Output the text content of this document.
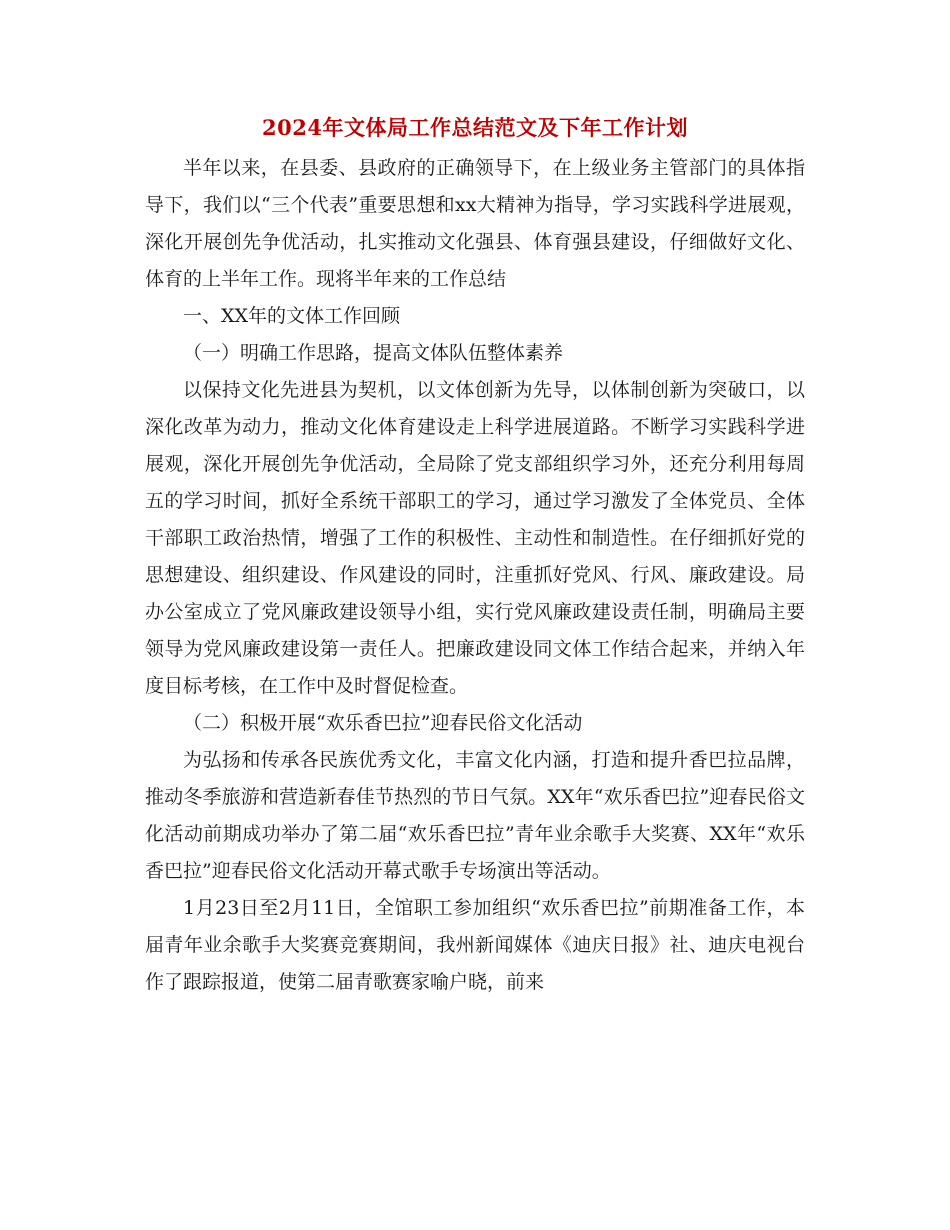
2024年文体局工作总结范文及下年工作计划

半年以来，在县委、县政府的正确领导下，在上级业务主管部门的具体指导下，我们以“三个代表”重要思想和xx大精神为指导，学习实践科学进展观，深化开展创先争优活动，扎实推动文化强县、体育强县建设，仔细做好文化、体育的上半年工作。现将半年来的工作总结

一、XX年的文体工作回顾

（一）明确工作思路，提高文体队伍整体素养

以保持文化先进县为契机，以文体创新为先导，以体制创新为突破口，以深化改革为动力，推动文化体育建设走上科学进展道路。不断学习实践科学进展观，深化开展创先争优活动，全局除了党支部组织学习外，还充分利用每周五的学习时间，抓好全系统干部职工的学习，通过学习激发了全体党员、全体干部职工政治热情，增强了工作的积极性、主动性和制造性。在仔细抓好党的思想建设、组织建设、作风建设的同时，注重抓好党风、行风、廉政建设。局办公室成立了党风廉政建设领导小组，实行党风廉政建设责任制，明确局主要领导为党风廉政建设第一责任人。把廉政建设同文体工作结合起来，并纳入年度目标考核，在工作中及时督促检查。

（二）积极开展“欢乐香巴拉”迎春民俗文化活动

为弘扬和传承各民族优秀文化，丰富文化内涵，打造和提升香巴拉品牌，推动冬季旅游和营造新春佳节热烈的节日气氛。XX年“欢乐香巴拉”迎春民俗文化活动前期成功举办了第二届“欢乐香巴拉”青年业余歌手大奖赛、XX年“欢乐香巴拉”迎春民俗文化活动开幕式歌手专场演出等活动。

1月23日至2月11日，全馆职工参加组织“欢乐香巴拉”前期准备工作，本届青年业余歌手大奖赛竞赛期间，我州新闻媒体《迪庆日报》社、迪庆电视台作了跟踪报道，使第二届青歌赛家喻户晓，前来
